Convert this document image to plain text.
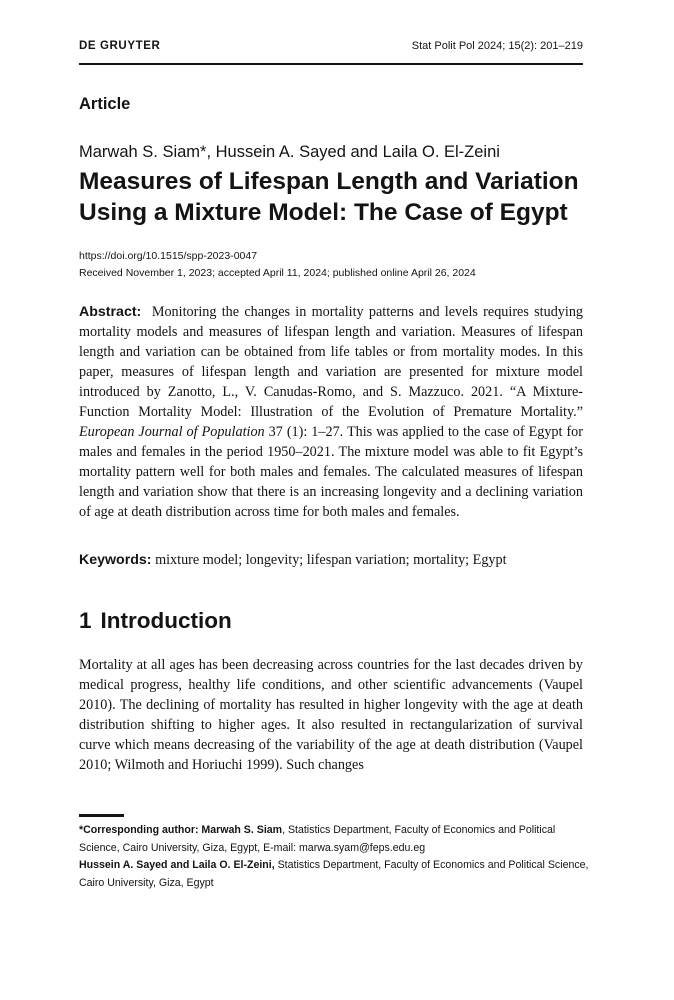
DE GRUYTER	Stat Polit Pol 2024; 15(2): 201–219
Article
Marwah S. Siam*, Hussein A. Sayed and Laila O. El-Zeini
Measures of Lifespan Length and Variation Using a Mixture Model: The Case of Egypt
https://doi.org/10.1515/spp-2023-0047
Received November 1, 2023; accepted April 11, 2024; published online April 26, 2024

Abstract: Monitoring the changes in mortality patterns and levels requires studying mortality models and measures of lifespan length and variation. Measures of lifespan length and variation can be obtained from life tables or from mortality modes. In this paper, measures of lifespan length and variation are presented for mixture model introduced by Zanotto, L., V. Canudas-Romo, and S. Mazzuco. 2021. “A Mixture-Function Mortality Model: Illustration of the Evolution of Premature Mortality.” European Journal of Population 37 (1): 1–27. This was applied to the case of Egypt for males and females in the period 1950–2021. The mixture model was able to fit Egypt’s mortality pattern well for both males and females. The calculated measures of lifespan length and variation show that there is an increasing longevity and a declining variation of age at death distribution across time for both males and females.

Keywords: mixture model; longevity; lifespan variation; mortality; Egypt

1 Introduction

Mortality at all ages has been decreasing across countries for the last decades driven by medical progress, healthy life conditions, and other scientific advancements (Vaupel 2010). The declining of mortality has resulted in higher longevity with the age at death distribution shifting to higher ages. It also resulted in rectangularization of survival curve which means decreasing of the variability of the age at death distribution (Vaupel 2010; Wilmoth and Horiuchi 1999). Such changes

*Corresponding author: Marwah S. Siam, Statistics Department, Faculty of Economics and Political Science, Cairo University, Giza, Egypt, E-mail: marwa.syam@feps.edu.eg
Hussein A. Sayed and Laila O. El-Zeini, Statistics Department, Faculty of Economics and Political Science, Cairo University, Giza, Egypt
